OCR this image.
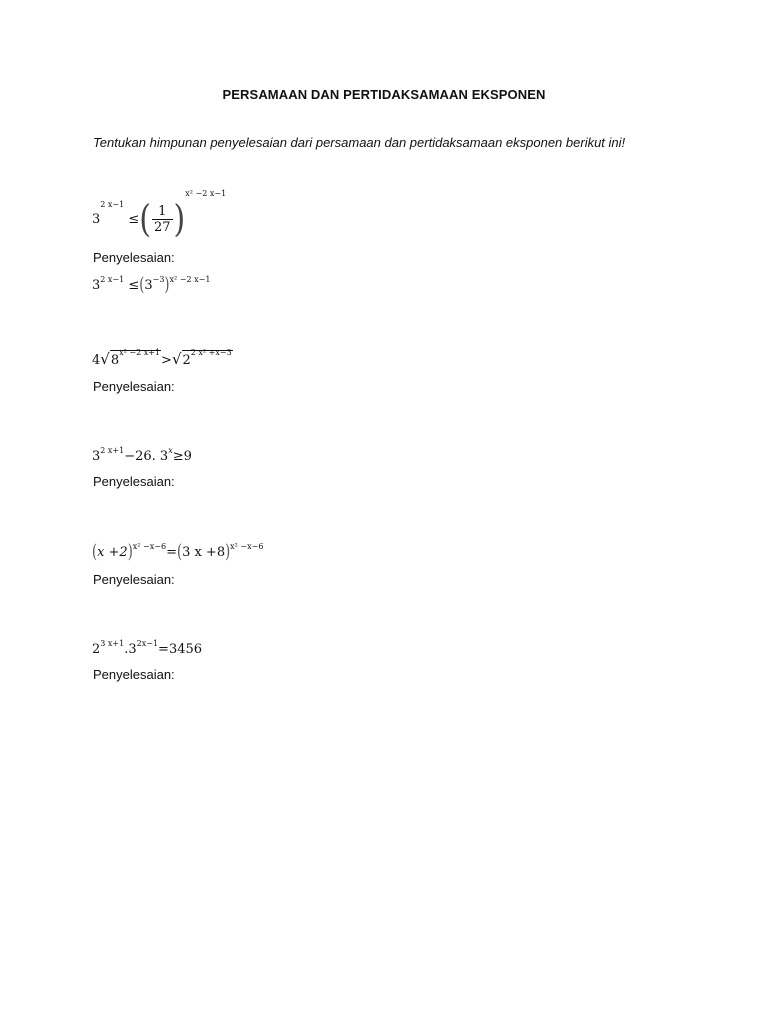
PERSAMAAN DAN PERTIDAKSAMAAN EKSPONEN
Tentukan himpunan penyelesaian dari persamaan dan pertidaksamaan eksponen berikut ini!
$3^{2 x-1}$ ≤( $\frac{1}{27} )^{x^2 -2 x-1}$
Penyelesaian:
$3^{2 x-1} \le(3^{-3})^{x^2 -2 x-1}$
$4√8^{x^2 -2 x+1}>√2^{2 x^2 +x-3}$
Penyelesaian:
$3^{2 x+1}-26$. $3^x\ge 9$
Penyelesaian:
$(x +2)^{x^2 -x-6}=(3$ x +8)$^{x^2 -x-6}$
Penyelesaian:
$2^{3 x+1}.3^{2x-1}=3456$
Penyelesaian:
